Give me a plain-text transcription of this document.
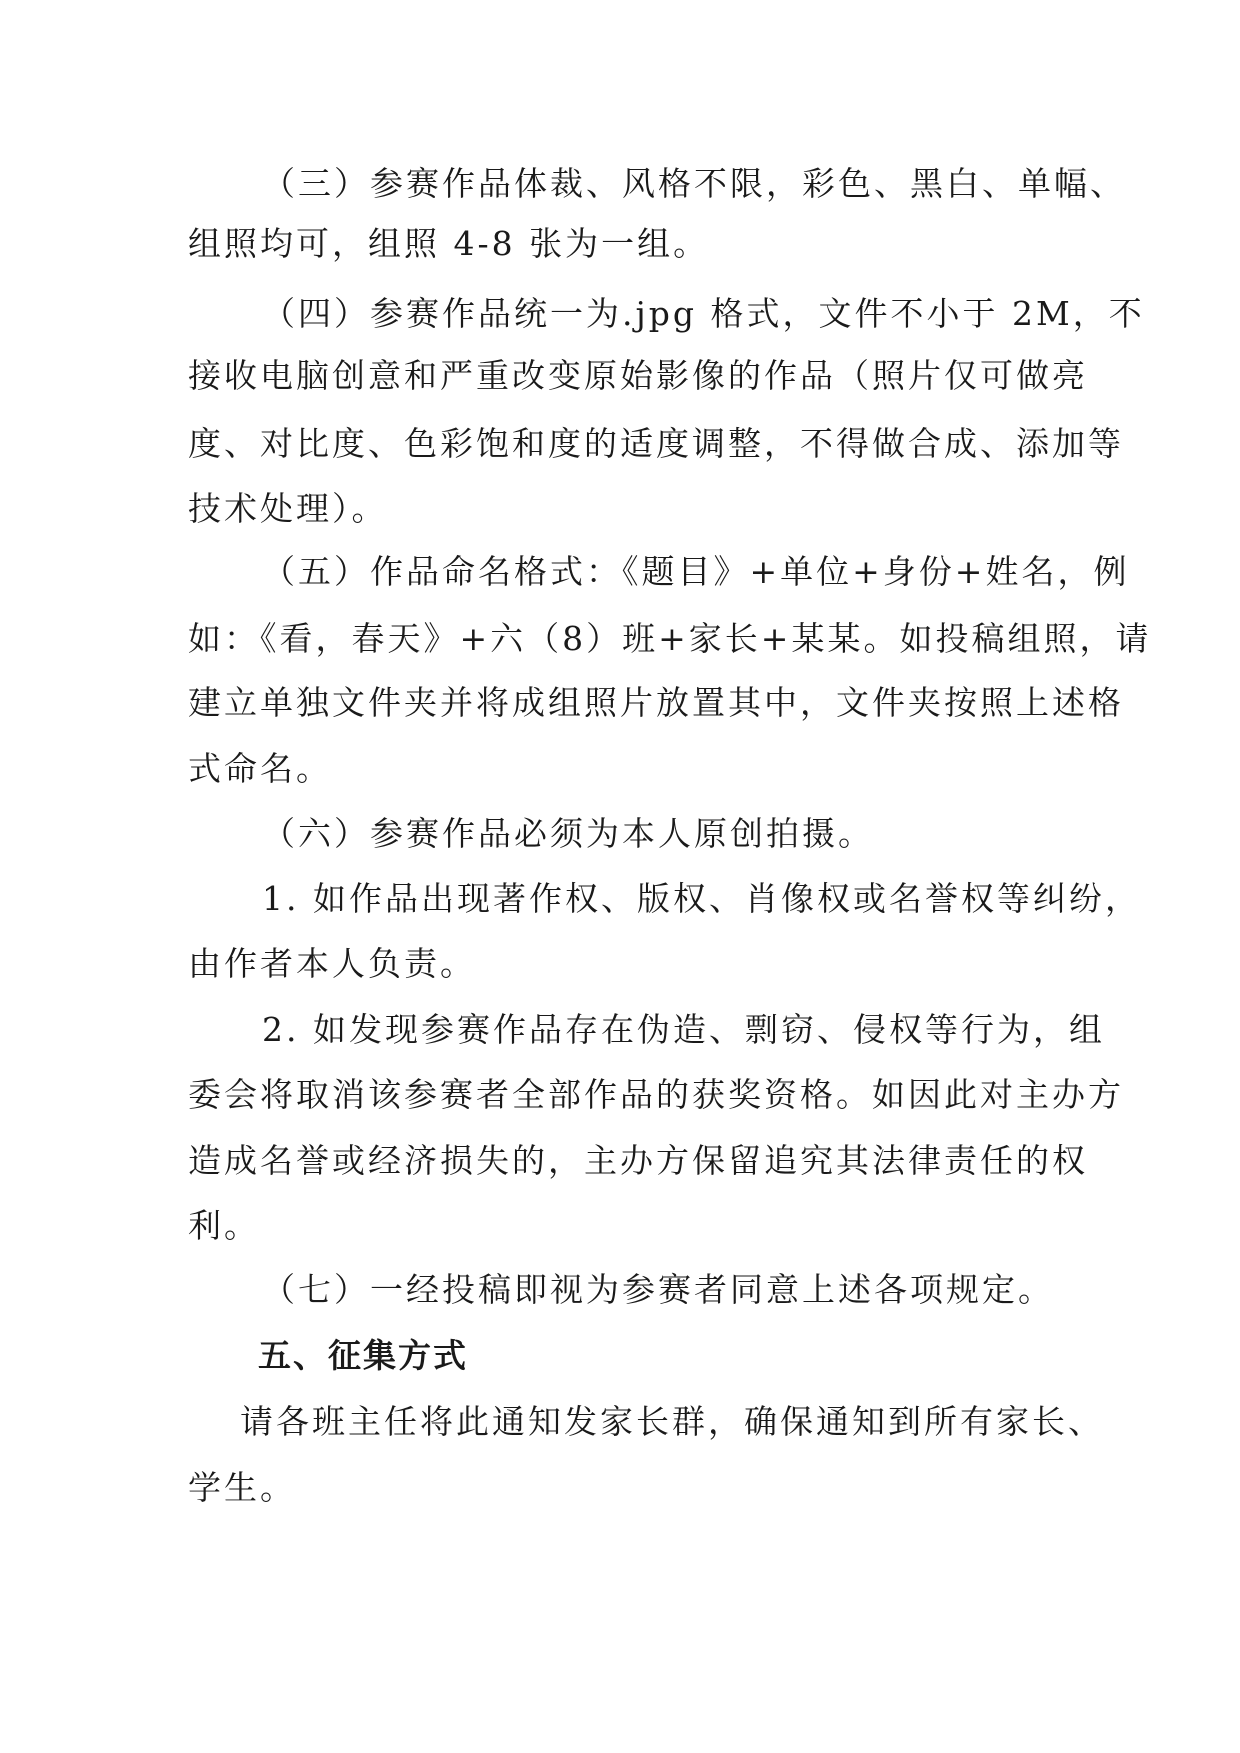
（三）参赛作品体裁、风格不限，彩色、黑白、单幅、
组照均可，组照 4-8 张为一组。
（四）参赛作品统一为.jpg 格式，文件不小于 2M，不
接收电脑创意和严重改变原始影像的作品（照片仅可做亮
度、对比度、色彩饱和度的适度调整，不得做合成、添加等
技术处理）。
（五）作品命名格式：《题目》+单位+身份+姓名，例
如：《看，春天》+六（8）班+家长+某某。如投稿组照，请
建立单独文件夹并将成组照片放置其中，文件夹按照上述格
式命名。
（六）参赛作品必须为本人原创拍摄。
1. 如作品出现著作权、版权、肖像权或名誉权等纠纷，
由作者本人负责。
2. 如发现参赛作品存在伪造、剽窃、侵权等行为，组
委会将取消该参赛者全部作品的获奖资格。如因此对主办方
造成名誉或经济损失的，主办方保留追究其法律责任的权
利。
（七）一经投稿即视为参赛者同意上述各项规定。
五、征集方式
请各班主任将此通知发家长群，确保通知到所有家长、
学生。
